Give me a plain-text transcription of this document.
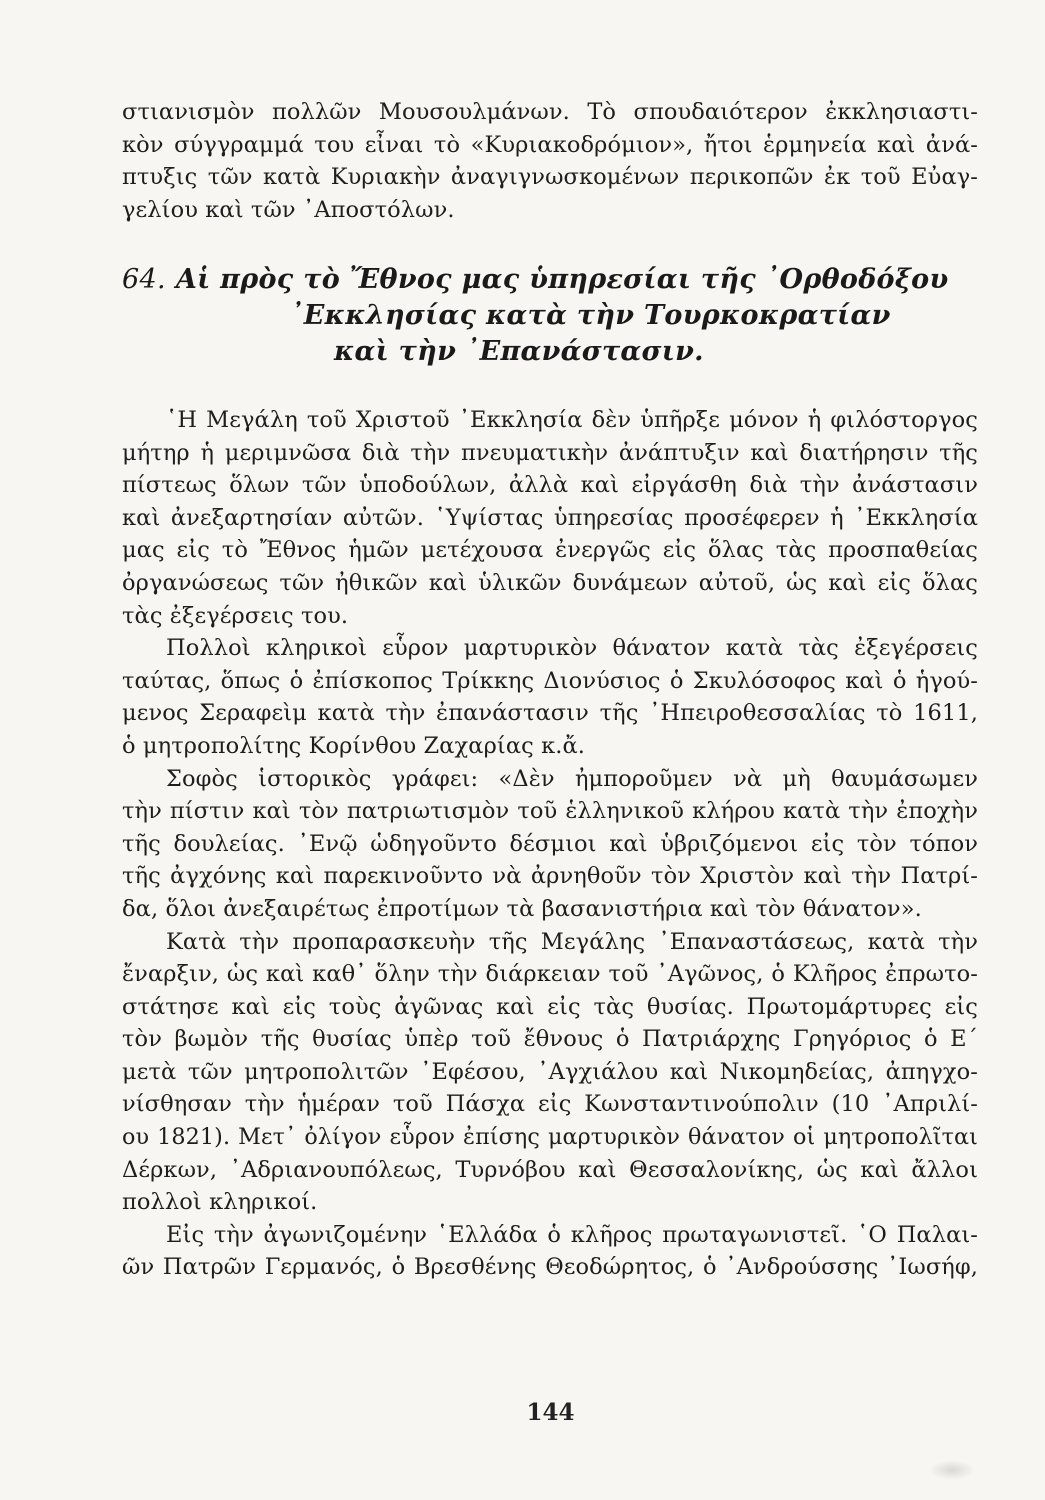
στιανισμὸν πολλῶν Μουσουλμάνων. Τὸ σπουδαιότερον ἐκκλησιαστι-
κὸν σύγγραμμά του εἶναι τὸ «Κυριακοδρόμιον», ἤτοι ἑρμηνεία καὶ ἀνά-
πτυξις τῶν κατὰ Κυριακὴν ἀναγιγνωσκομένων περικοπῶν ἐκ τοῦ Εὐαγ-
γελίου καὶ τῶν ᾿Αποστόλων.
64. Αἱ πρὸς τὸ Ἔθνος μας ὑπηρεσίαι τῆς ᾿Ορθοδόξου
᾿Εκκλησίας κατὰ τὴν Τουρκοκρατίαν
καὶ τὴν ᾿Επανάστασιν.
῾Η Μεγάλη τοῦ Χριστοῦ ᾿Εκκλησία δὲν ὑπῆρξε μόνον ἡ φιλόστοργος
μήτηρ ἡ μεριμνῶσα διὰ τὴν πνευματικὴν ἀνάπτυξιν καὶ διατήρησιν τῆς
πίστεως ὅλων τῶν ὑποδούλων, ἀλλὰ καὶ εἰργάσθη διὰ τὴν ἀνάστασιν
καὶ ἀνεξαρτησίαν αὐτῶν. ῾Υψίστας ὑπηρεσίας προσέφερεν ἡ ᾿Εκκλησία
μας εἰς τὸ Ἔθνος ἡμῶν μετέχουσα ἐνεργῶς εἰς ὅλας τὰς προσπαθείας
ὀργανώσεως τῶν ἠθικῶν καὶ ὑλικῶν δυνάμεων αὐτοῦ, ὡς καὶ εἰς ὅλας
τὰς ἐξεγέρσεις του.
Πολλοὶ κληρικοὶ εὗρον μαρτυρικὸν θάνατον κατὰ τὰς ἐξεγέρσεις
ταύτας, ὅπως ὁ ἐπίσκοπος Τρίκκης Διονύσιος ὁ Σκυλόσοφος καὶ ὁ ἡγού-
μενος Σεραφεὶμ κατὰ τὴν ἐπανάστασιν τῆς ᾿Ηπειροθεσσαλίας τὸ 1611,
ὁ μητροπολίτης Κορίνθου Ζαχαρίας κ.ἄ.
Σοφὸς ἱστορικὸς γράφει: «Δὲν ἠμποροῦμεν νὰ μὴ θαυμάσωμεν
τὴν πίστιν καὶ τὸν πατριωτισμὸν τοῦ ἑλληνικοῦ κλήρου κατὰ τὴν ἐποχὴν
τῆς δουλείας. ᾿Ενῷ ὡδηγοῦντο δέσμιοι καὶ ὑβριζόμενοι εἰς τὸν τόπον
τῆς ἀγχόνης καὶ παρεκινοῦντο νὰ ἀρνηθοῦν τὸν Χριστὸν καὶ τὴν Πατρί-
δα, ὅλοι ἀνεξαιρέτως ἐπροτίμων τὰ βασανιστήρια καὶ τὸν θάνατον».
Κατὰ τὴν προπαρασκευὴν τῆς Μεγάλης ᾿Επαναστάσεως, κατὰ τὴν
ἔναρξιν, ὡς καὶ καθ᾿ ὅλην τὴν διάρκειαν τοῦ ᾿Αγῶνος, ὁ Κλῆρος ἐπρωτο-
στάτησε καὶ εἰς τοὺς ἀγῶνας καὶ εἰς τὰς θυσίας. Πρωτομάρτυρες εἰς
τὸν βωμὸν τῆς θυσίας ὑπὲρ τοῦ ἔθνους ὁ Πατριάρχης Γρηγόριος ὁ Ε´
μετὰ τῶν μητροπολιτῶν ᾿Εφέσου, ᾿Αγχιάλου καὶ Νικομηδείας, ἀπηγχο-
νίσθησαν τὴν ἡμέραν τοῦ Πάσχα εἰς Κωνσταντινούπολιν (10 ᾿Απριλί-
ου 1821). Μετ᾿ ὀλίγον εὗρον ἐπίσης μαρτυρικὸν θάνατον οἱ μητροπολῖται
Δέρκων, ᾿Αδριανουπόλεως, Τυρνόβου καὶ Θεσσαλονίκης, ὡς καὶ ἄλλοι
πολλοὶ κληρικοί.
Εἰς τὴν ἀγωνιζομένην ῾Ελλάδα ὁ κλῆρος πρωταγωνιστεῖ. ῾Ο Παλαι-
ῶν Πατρῶν Γερμανός, ὁ Βρεσθένης Θεοδώρητος, ὁ ᾿Ανδρούσσης ᾿Ιωσήφ,
144
